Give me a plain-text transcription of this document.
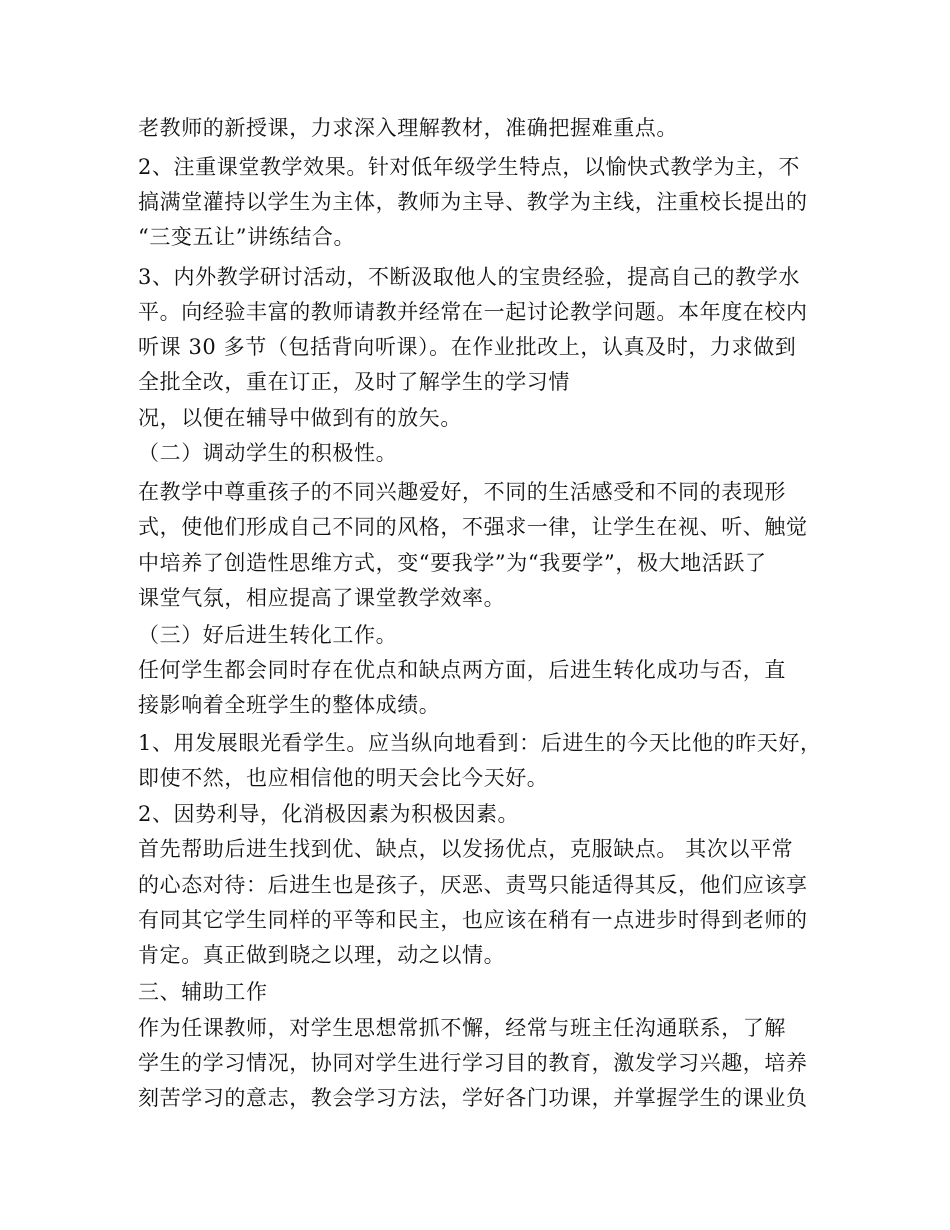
老教师的新授课，力求深入理解教材，准确把握难重点。
2、注重课堂教学效果。针对低年级学生特点，以愉快式教学为主，不
搞满堂灌持以学生为主体，教师为主导、教学为主线，注重校长提出的
“三变五让”讲练结合。
3、内外教学研讨活动，不断汲取他人的宝贵经验，提高自己的教学水
平。向经验丰富的教师请教并经常在一起讨论教学问题。本年度在校内
听课 30 多节（包括背向听课）。在作业批改上，认真及时，力求做到
全批全改，重在订正，及时了解学生的学习情
况，以便在辅导中做到有的放矢。
（二）调动学生的积极性。
在教学中尊重孩子的不同兴趣爱好，不同的生活感受和不同的表现形
式，使他们形成自己不同的风格，不强求一律，让学生在视、听、触觉
中培养了创造性思维方式，变“要我学”为“我要学”，极大地活跃了
课堂气氛，相应提高了课堂教学效率。
（三）好后进生转化工作。
任何学生都会同时存在优点和缺点两方面，后进生转化成功与否，直
接影响着全班学生的整体成绩。
1、用发展眼光看学生。应当纵向地看到：后进生的今天比他的昨天好，
即使不然，也应相信他的明天会比今天好。
2、因势利导，化消极因素为积极因素。
首先帮助后进生找到优、缺点，以发扬优点，克服缺点。 其次以平常
的心态对待：后进生也是孩子，厌恶、责骂只能适得其反，他们应该享
有同其它学生同样的平等和民主，也应该在稍有一点进步时得到老师的
肯定。真正做到晓之以理，动之以情。
三、辅助工作
作为任课教师，对学生思想常抓不懈，经常与班主任沟通联系，了解
学生的学习情况，协同对学生进行学习目的教育，激发学习兴趣，培养
刻苦学习的意志，教会学习方法，学好各门功课，并掌握学生的课业负
